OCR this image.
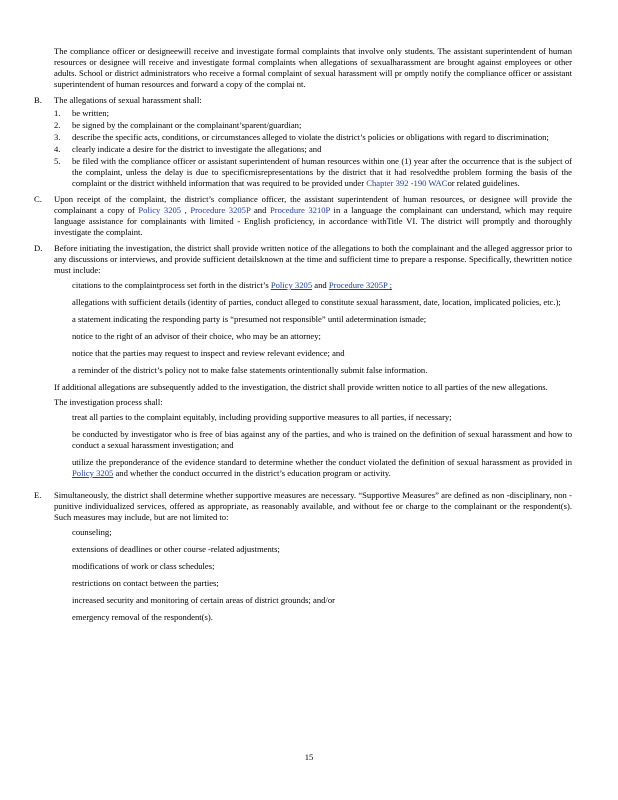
The compliance officer or designeewill receive and investigate formal complaints that involve only students. The assistant superintendent of human resources or designee will receive and investigate formal complaints when allegations of sexualharassment are brought against employees or other adults. School or district administrators who receive a formal complaint of sexual harassment will pr omptly notify the compliance officer or assistant superintendent of human resources and forward a copy of the complai nt.

B.	The allegations of sexual harassment shall:
1.	be written;
2.	be signed by the complainant or the complainant’sparent/guardian;
3.	describe the specific acts, conditions, or circumstances alleged to violate the district’s policies or obligations with regard to discrimination;
4.	clearly indicate a desire for the district to investigate the allegations; and
5.	be filed with the compliance officer or assistant superintendent of human resources within one (1) year after the occurrence that is the subject of the complaint, unless the delay is due to specificmisrepresentations by the district that it had resolvedthe problem forming the basis of the complaint or the district withheld information that was required to be provided under Chapter 392 -190 WACor related guidelines.
C.	Upon receipt of the complaint, the district’s compliance officer, the assistant superintendent of human resources, or designee will provide the complainant a copy of Policy 3205 , Procedure 3205P and Procedure 3210P in a language the complainant can understand, which may require language assistance for complainants with limited - English proficiency, in accordance withTitle VI. The district will promptly and thoroughly investigate the complaint.
D.	Before initiating the investigation, the district shall provide written notice of the allegations to both the complainant and the alleged aggressor prior to any discussions or interviews, and provide sufficient detailsknown at the time and sufficient time to prepare a response. Specifically, thewritten notice must include:
citations to the complaintprocess set forth in the district’s Policy 3205 and Procedure 3205P ;
allegations with sufficient details (identity of parties, conduct alleged to constitute sexual harassment, date, location, implicated policies, etc.);
a statement indicating the responding party is “presumed not responsible” until adetermination ismade;
notice to the right of an advisor of their choice, who may be an attorney;
notice that the parties may request to inspect and review relevant evidence; and
a reminder of the district’s policy not to make false statements orintentionally submit false information.
If additional allegations are subsequently added to the investigation, the district shall provide written notice to all parties of the new allegations.
The investigation process shall:
treat all parties to the complaint equitably, including providing supportive measures to all parties, if necessary;
be conducted by investigator who is free of bias against any of the parties, and who is trained on the definition of sexual harassment and how to conduct a sexual harassment investigation; and
utilize the preponderance of the evidence standard to determine whether the conduct violated the definition of sexual harassment as provided in Policy 3205 and whether the conduct occurred in the district’s education program or activity.
E.	Simultaneously, the district shall determine whether supportive measures are necessary. “Supportive Measures” are defined as non -disciplinary, non - punitive individualized services, offered as appropriate, as reasonably available, and without fee or charge to the complainant or the respondent(s). Such measures may include, but are not limited to:
counseling;
extensions of deadlines or other course -related adjustments;
modifications of work or class schedules;
restrictions on contact between the parties;
increased security and monitoring of certain areas of district grounds; and/or
emergency removal of the respondent(s).
15
